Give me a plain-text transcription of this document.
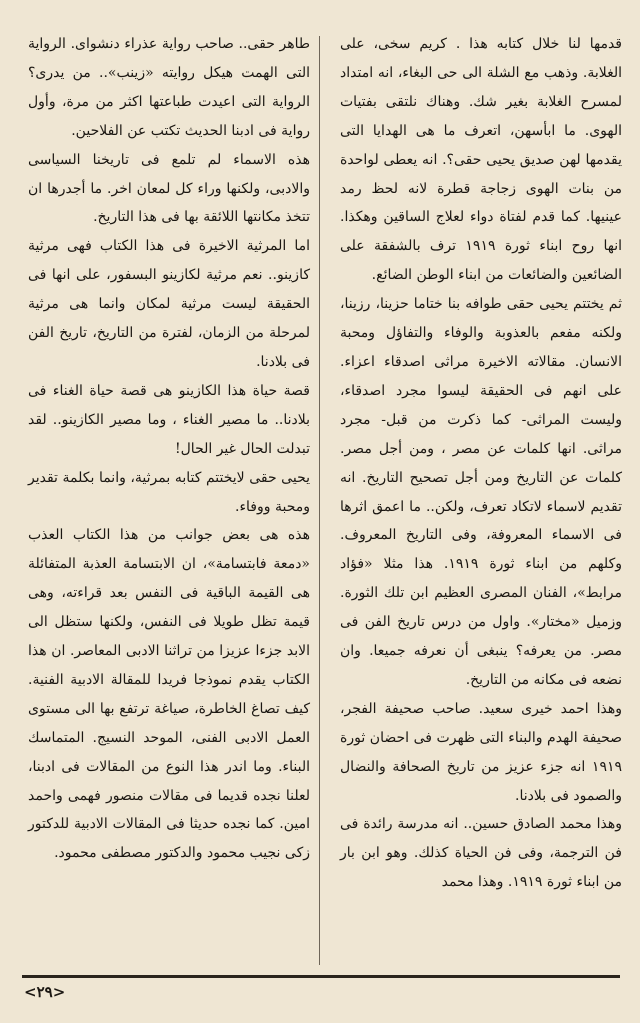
قدمها لنا خلال كتابه هذا . كريم سخى، على الغلابة. وذهب مع الشلة الى حى البغاء، انه امتداد لمسرح الغلابة بغير شك. وهناك نلتقى بفتيات الهوى. ما ابأسهن، اتعرف ما هى الهدايا التى يقدمها لهن صديق يحيى حقى؟. انه يعطى لواحدة من بنات الهوى زجاجة قطرة لانه لحظ رمد عينيها. كما قدم لفتاة دواء لعلاج الساقين وهكذا. انها روح ابناء ثورة ١٩١٩ ترف بالشفقة على الضائعين والضائعات من ابناء الوطن الضائع.

ثم يختتم يحيى حقى طوافه بنا ختاما حزينا، رزينا، ولكنه مفعم بالعذوبة والوفاء والتفاؤل ومحبة الانسان. مقالاته الاخيرة مراثى اصدقاء اعزاء. على انهم فى الحقيقة ليسوا مجرد اصدقاء، وليست المراثى- كما ذكرت من قبل- مجرد مراثى. انها كلمات عن مصر ، ومن أجل مصر. كلمات عن التاريخ ومن أجل تصحيح التاريخ. انه تقديم لاسماء لاتكاد تعرف، ولكن.. ما اعمق اثرها فى الاسماء المعروفة، وفى التاريخ المعروف. وكلهم من ابناء ثورة ١٩١٩. هذا مثلا «فؤاد مرابط»، الفنان المصرى العظيم ابن تلك الثورة. وزميل «مختار». واول من درس تاريخ الفن فى مصر. من يعرفه؟ ينبغى أن نعرفه جميعا. وان نضعه فى مكانه من التاريخ.

وهذا احمد خيرى سعيد. صاحب صحيفة الفجر، صحيفة الهدم والبناء التى ظهرت فى احضان ثورة ١٩١٩ انه جزء عزيز من تاريخ الصحافة والنضال والصمود فى بلادنا.

وهذا محمد الصادق حسين.. انه مدرسة رائدة فى فن الترجمة، وفى فن الحياة كذلك. وهو ابن بار من ابناء ثورة ١٩١٩. وهذا محمد

طاهر حقى.. صاحب رواية عذراء دنشواى. الرواية التى الهمت هيكل روايته «زينب».. من يدرى؟ الرواية التى اعيدت طباعتها اكثر من مرة، وأول رواية فى ادبنا الحديث تكتب عن الفلاحين.

هذه الاسماء لم تلمع فى تاريخنا السياسى والادبى، ولكنها وراء كل لمعان اخر. ما أجدرها ان تتخذ مكانتها اللائقة بها فى هذا التاريخ.

اما المرثية الاخيرة فى هذا الكتاب فهى مرثية كازينو.. نعم مرثية لكازينو البسفور، على انها فى الحقيقة ليست مرثية لمكان وانما هى مرثية لمرحلة من الزمان، لفترة من التاريخ، تاريخ الفن فى بلادنا.

قصة حياة هذا الكازينو هى قصة حياة الغناء فى بلادنا.. ما مصير الغناء ، وما مصير الكازينو.. لقد تبدلت الحال غير الحال!

يحيى حقى لايختتم كتابه بمرثية، وانما بكلمة تقدير ومحبة ووفاء.

هذه هى بعض جوانب من هذا الكتاب العذب «دمعة فابتسامة»، ان الابتسامة العذبة المتفائلة هى القيمة الباقية فى النفس بعد قراءته، وهى قيمة تظل طويلا فى النفس، ولكنها ستظل الى الابد جزءا عزيزا من تراثنا الادبى المعاصر. ان هذا الكتاب يقدم نموذجا فريدا للمقالة الادبية الفنية. كيف تصاغ الخاطرة، صياغة ترتفع بها الى مستوى العمل الادبى الفنى، الموحد النسيج. المتماسك البناء. وما اندر هذا النوع من المقالات فى ادبنا، لعلنا نجده قديما فى مقالات منصور فهمى واحمد امين. كما نجده حديثا فى المقالات الادبية للدكتور زكى نجيب محمود والدكتور مصطفى محمود.

<٢٩>
